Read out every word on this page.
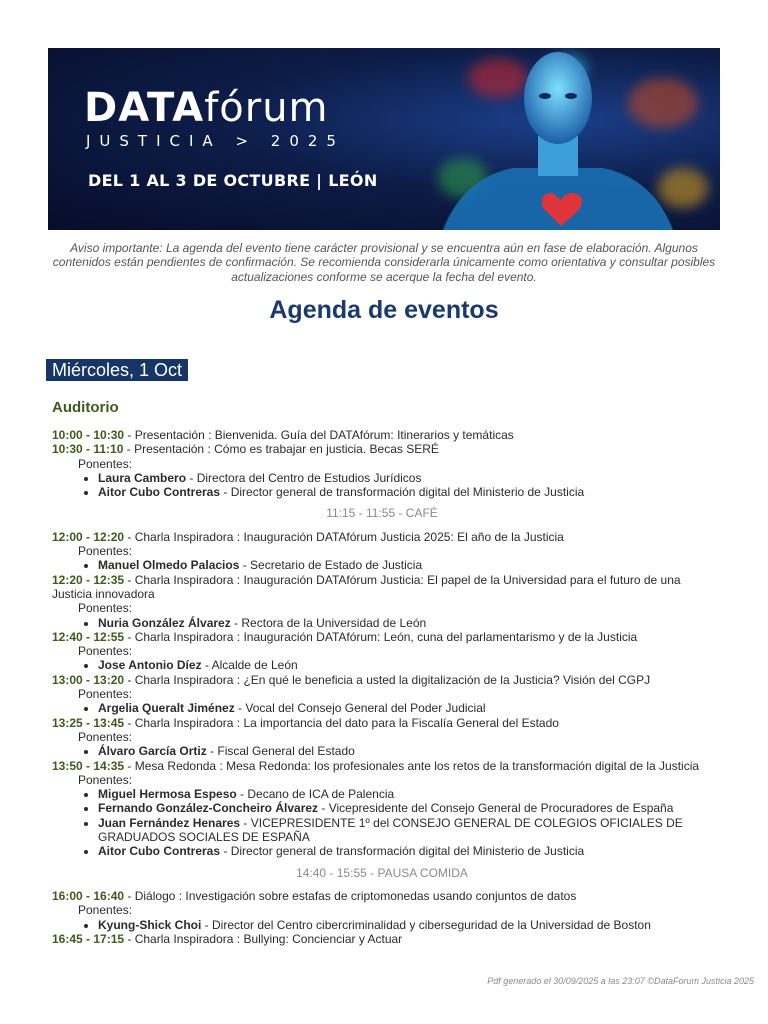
DATAfórum
JUSTICIA > 2025
DEL 1 AL 3 DE OCTUBRE | LEÓN
Aviso importante: La agenda del evento tiene carácter provisional y se encuentra aún en fase de elaboración. Algunos contenidos están pendientes de confirmación. Se recomienda considerarla únicamente como orientativa y consultar posibles actualizaciones conforme se acerque la fecha del evento.
Agenda de eventos
Miércoles, 1 Oct
Auditorio
10:00 - 10:30 - Presentación : Bienvenida. Guía del DATAfórum: Itinerarios y temáticas
10:30 - 11:10 - Presentación : Cómo es trabajar en justicia. Becas SERÉ
Ponentes:
• Laura Cambero - Directora del Centro de Estudios Jurídicos
• Aitor Cubo Contreras - Director general de transformación digital del Ministerio de Justicia
11:15 - 11:55 - CAFÉ
12:00 - 12:20 - Charla Inspiradora : Inauguración DATAfórum Justicia 2025: El año de la Justicia
Ponentes:
• Manuel Olmedo Palacios - Secretario de Estado de Justicia
12:20 - 12:35 - Charla Inspiradora : Inauguración DATAfórum Justicia: El papel de la Universidad para el futuro de una Justicia innovadora
Ponentes:
• Nuria González Álvarez - Rectora de la Universidad de León
12:40 - 12:55 - Charla Inspiradora : Inauguración DATAfórum: León, cuna del parlamentarismo y de la Justicia
Ponentes:
• Jose Antonio Díez - Alcalde de León
13:00 - 13:20 - Charla Inspiradora : ¿En qué le beneficia a usted la digitalización de la Justicia? Visión del CGPJ
Ponentes:
• Argelia Queralt Jiménez - Vocal del Consejo General del Poder Judicial
13:25 - 13:45 - Charla Inspiradora : La importancia del dato para la Fiscalía General del Estado
Ponentes:
• Álvaro García Ortiz - Fiscal General del Estado
13:50 - 14:35 - Mesa Redonda : Mesa Redonda: los profesionales ante los retos de la transformación digital de la Justicia
Ponentes:
• Miguel Hermosa Espeso - Decano de ICA de Palencia
• Fernando González-Concheiro Álvarez - Vicepresidente del Consejo General de Procuradores de España
• Juan Fernández Henares - VICEPRESIDENTE 1º del CONSEJO GENERAL DE COLEGIOS OFICIALES DE GRADUADOS SOCIALES DE ESPAÑA
• Aitor Cubo Contreras - Director general de transformación digital del Ministerio de Justicia
14:40 - 15:55 - PAUSA COMIDA
16:00 - 16:40 - Diálogo : Investigación sobre estafas de criptomonedas usando conjuntos de datos
Ponentes:
• Kyung-Shick Choi - Director del Centro cibercriminalidad y ciberseguridad de la Universidad de Boston
16:45 - 17:15 - Charla Inspiradora : Bullying: Concienciar y Actuar
Pdf generado el 30/09/2025 a las 23:07 ©DataForum Justicia 2025
